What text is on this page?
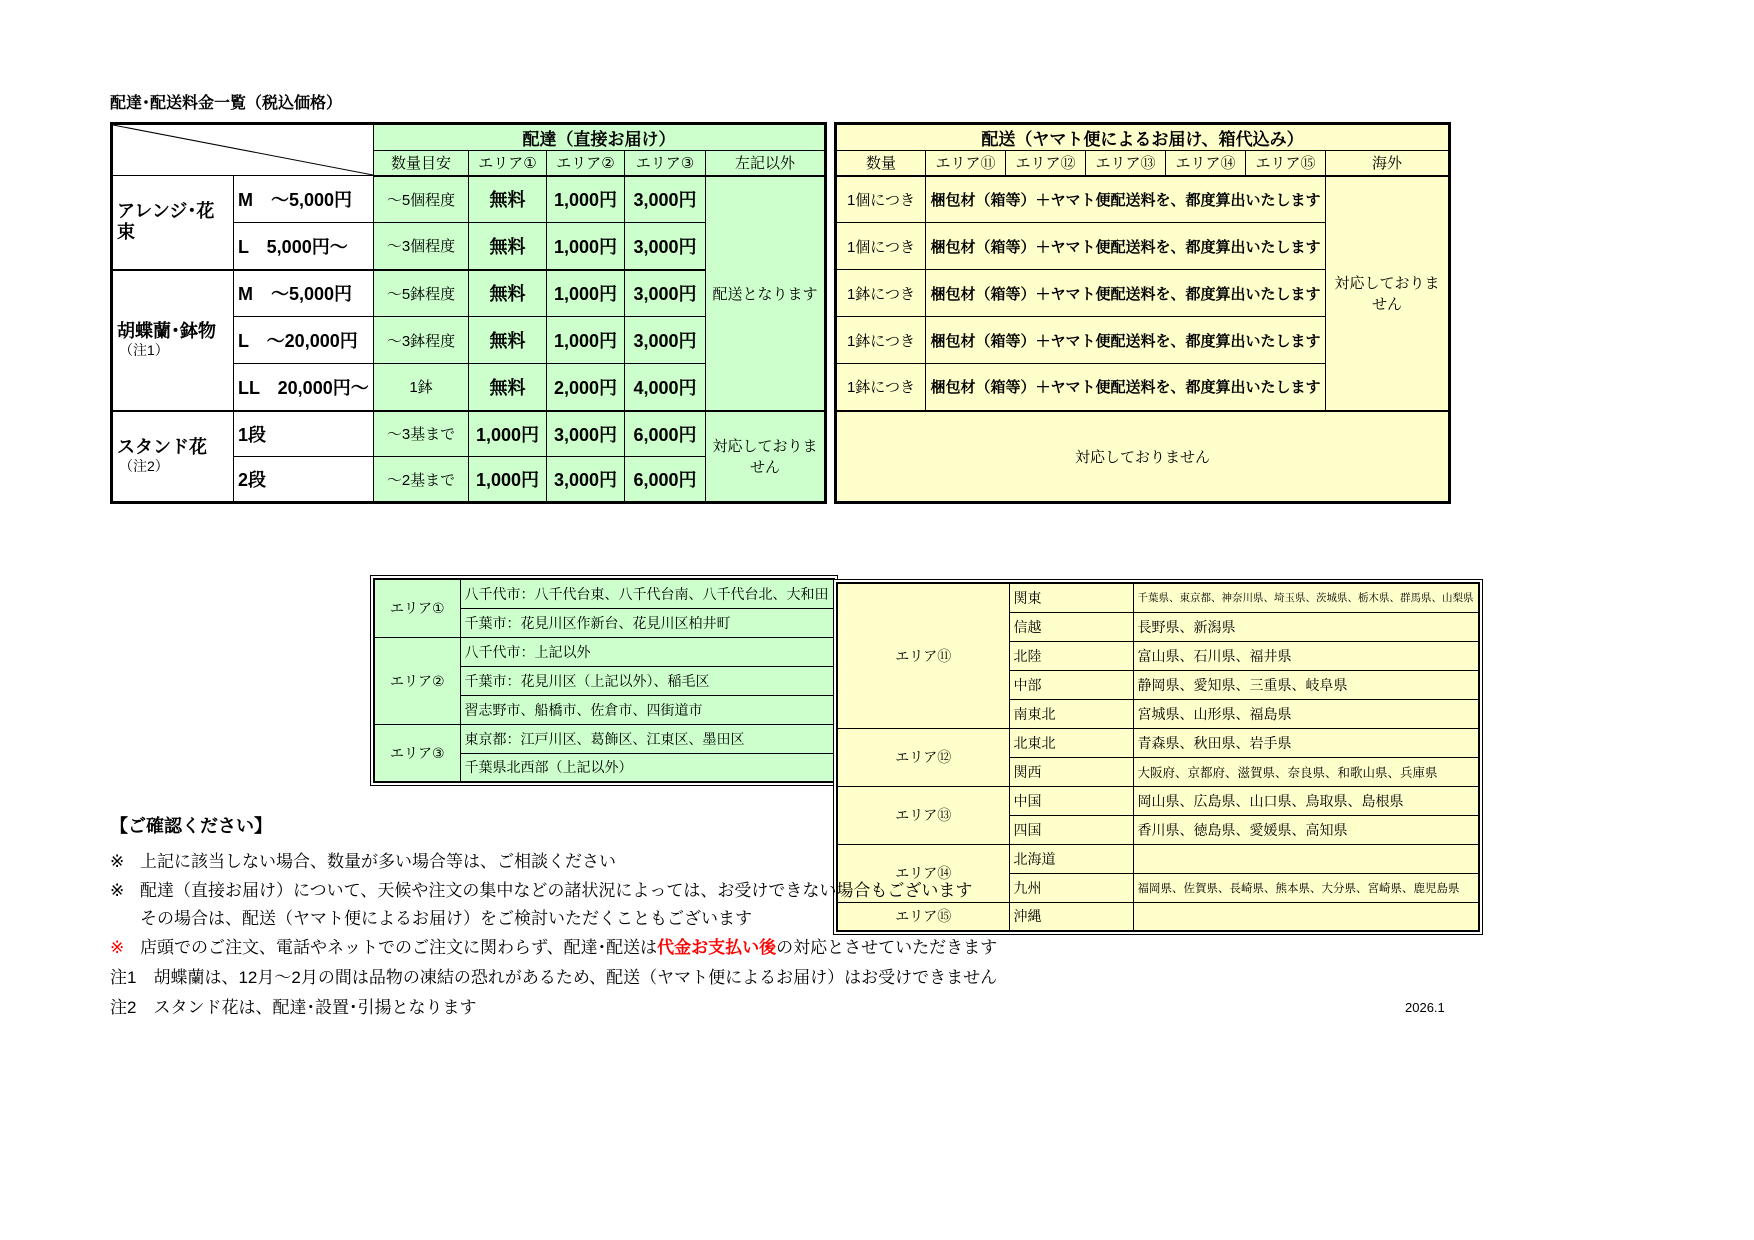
配達･配送料金一覧（税込価格）
	配達（直接お届け）				
		数量目安	エリア①	エリア②	エリア③	左記以外

アレンジ･花束	M　～5,000円	～5個程度	無料	1,000円	3,000円	配送となります
	L　5,000円～	～3個程度	無料	1,000円	3,000円	

胡蝶蘭･鉢物
（注1）	M　～5,000円	～5鉢程度	無料	1,000円	3,000円	
	L　～20,000円	～3鉢程度	無料	1,000円	3,000円	
	LL　20,000円～	1鉢	無料	2,000円	4,000円	

スタンド花
（注2）	1段	～3基まで	1,000円	3,000円	6,000円	対応しておりません
	2段	～2基まで	1,000円	3,000円	6,000円	
配送（ヤマト便によるお届け、箱代込み）						
数量	エリア⑪	エリア⑫	エリア⑬	エリア⑭	エリア⑮	海外
1個につき	梱包材（箱等）＋ヤマト便配送料を、都度算出いたします					対応しておりません
1個につき	梱包材（箱等）＋ヤマト便配送料を、都度算出いたします					
1鉢につき	梱包材（箱等）＋ヤマト便配送料を、都度算出いたします					
1鉢につき	梱包材（箱等）＋ヤマト便配送料を、都度算出いたします					
1鉢につき	梱包材（箱等）＋ヤマト便配送料を、都度算出いたします					
対応しておりません						

エリア①	八千代市：八千代台東、八千代台南、八千代台北、大和田
	千葉市：花見川区作新台、花見川区柏井町
エリア②	八千代市：上記以外
	千葉市：花見川区（上記以外）、稲毛区
	習志野市、船橋市、佐倉市、四街道市
エリア③	東京都：江戸川区、葛飾区、江東区、墨田区
	千葉県北西部（上記以外）
エリア⑪	関東	千葉県、東京都、神奈川県、埼玉県、茨城県、栃木県、群馬県、山梨県
	信越	長野県、新潟県
	北陸	富山県、石川県、福井県
	中部	静岡県、愛知県、三重県、岐阜県
	南東北	宮城県、山形県、福島県
エリア⑫	北東北	青森県、秋田県、岩手県
	関西	大阪府、京都府、滋賀県、奈良県、和歌山県、兵庫県
エリア⑬	中国	岡山県、広島県、山口県、鳥取県、島根県
	四国	香川県、徳島県、愛媛県、高知県
エリア⑭	北海道	
	九州	福岡県、佐賀県、長崎県、熊本県、大分県、宮崎県、鹿児島県
エリア⑮	沖縄	
【ご確認ください】
※ 上記に該当しない場合、数量が多い場合等は、ご相談ください
※ 配達（直接お届け）について、天候や注文の集中などの諸状況によっては、お受けできない場合もございます
その場合は、配送（ヤマト便によるお届け）をご検討いただくこともございます
※ 店頭でのご注文、電話やネットでのご注文に関わらず、配達･配送は代金お支払い後の対応とさせていただきます
注1　胡蝶蘭は、12月～2月の間は品物の凍結の恐れがあるため、配送（ヤマト便によるお届け）はお受けできません
注2　スタンド花は、配達･設置･引揚となります	2026.1
